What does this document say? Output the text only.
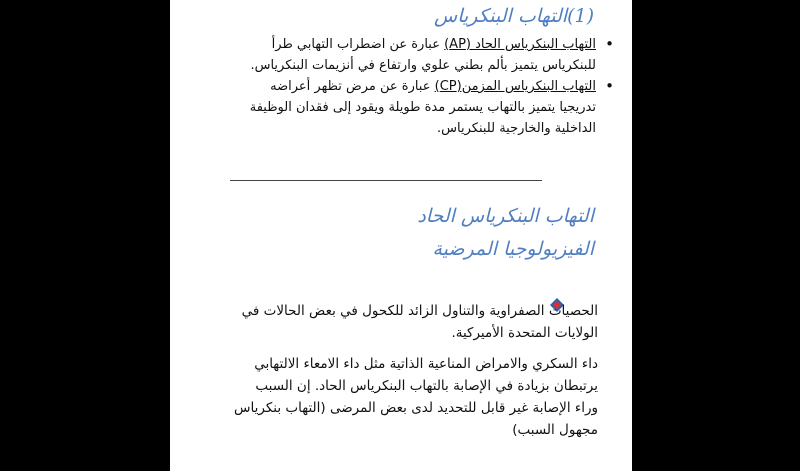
(1)التهاب البنكرياس
• التهاب البنكرياس الحاد (AP) عبارة عن اضطراب التهابي طرأ للبنكرياس يتميز بألم بطني علوي وارتفاع في أنزيمات البنكرياس.
• التهاب البنكرياس المزمن(CP) عبارة عن مرض تظهر أعراضه تدريجيا يتميز بالتهاب يستمر مدة طويلة ويقود إلى فقدان الوظيفة الداخلية والخارجية للبنكرياس.
التهاب البنكرياس الحاد
الفيزيولوجيا المرضية

الحصيات الصفراوية والتناول الزائد للكحول في بعض الحالات في الولايات المتحدة الأميركية.

داء السكري والامراض المناعية الذاتية مثل داء الامعاء الالتهابي يرتبطان بزيادة في الإصابة بالتهاب البنكرياس الحاد. إن السبب وراء الإصابة غير قابل للتحديد لدى بعض المرضى (التهاب بنكرياس مجهول السبب)
